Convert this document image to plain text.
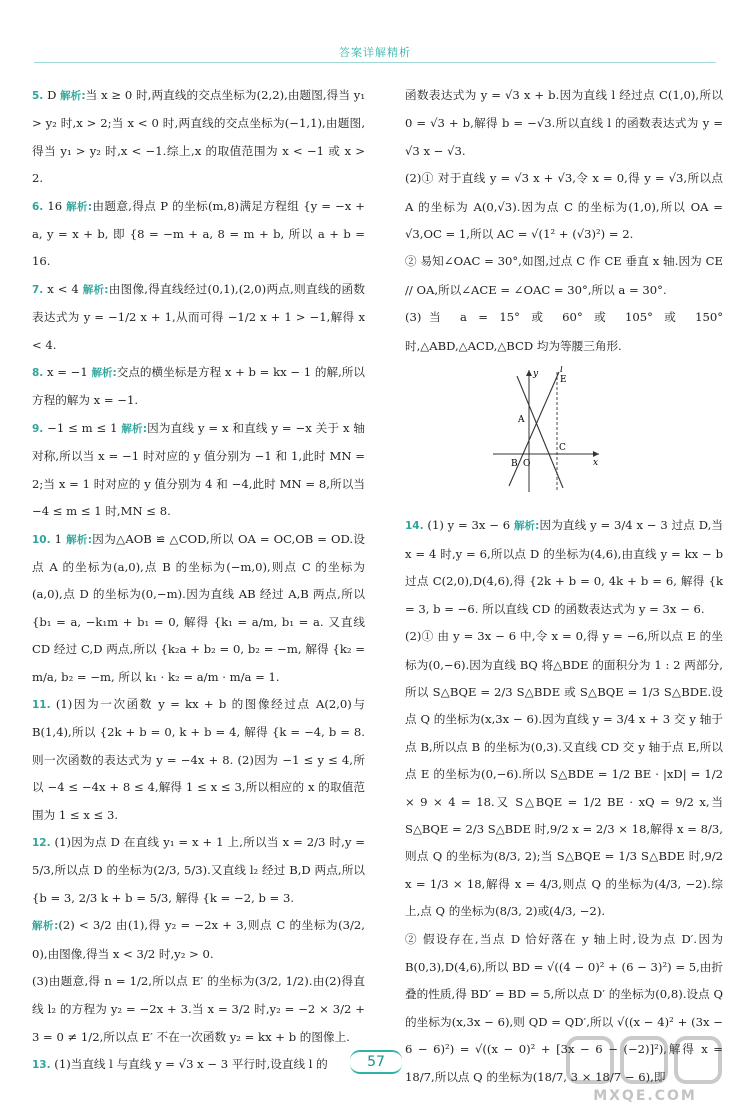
答案详解精析

5. D 解析:当 x ≥ 0 时,两直线的交点坐标为(2,2),由题图,得当 y₁ > y₂ 时,x > 2;当 x < 0 时,两直线的交点坐标为(−1,1),由题图,得当 y₁ > y₂ 时,x < −1.综上,x 的取值范围为 x < −1 或 x > 2.

6. 16 解析:由题意,得点 P 的坐标(m,8)满足方程组 {y = −x + a, y = x + b, 即 {8 = −m + a, 8 = m + b, 所以 a + b = 16.

7. x < 4 解析:由图像,得直线经过(0,1),(2,0)两点,则直线的函数表达式为 y = −1/2 x + 1,从而可得 −1/2 x + 1 > −1,解得 x < 4.

8. x = −1 解析:交点的横坐标是方程 x + b = kx − 1 的解,所以方程的解为 x = −1.

9. −1 ≤ m ≤ 1 解析:因为直线 y = x 和直线 y = −x 关于 x 轴对称,所以当 x = −1 时对应的 y 值分别为 −1 和 1,此时 MN = 2;当 x = 1 时对应的 y 值分别为 4 和 −4,此时 MN = 8,所以当 −4 ≤ m ≤ 1 时,MN ≤ 8.

10. 1 解析:因为△AOB ≌ △COD,所以 OA = OC,OB = OD.设点 A 的坐标为(a,0),点 B 的坐标为(−m,0),则点 C 的坐标为(a,0),点 D 的坐标为(0,−m).因为直线 AB 经过 A,B 两点,所以 {b₁ = a, −k₁m + b₁ = 0, 解得 {k₁ = a/m, b₁ = a. 又直线 CD 经过 C,D 两点,所以 {k₂a + b₂ = 0, b₂ = −m, 解得 {k₂ = m/a, b₂ = −m, 所以 k₁ · k₂ = a/m · m/a = 1.

11. (1)因为一次函数 y = kx + b 的图像经过点 A(2,0)与 B(1,4),所以 {2k + b = 0, k + b = 4, 解得 {k = −4, b = 8. 则一次函数的表达式为 y = −4x + 8. (2)因为 −1 ≤ y ≤ 4,所以 −4 ≤ −4x + 8 ≤ 4,解得 1 ≤ x ≤ 3,所以相应的 x 的取值范围为 1 ≤ x ≤ 3.

12. (1)因为点 D 在直线 y₁ = x + 1 上,所以当 x = 2/3 时,y = 5/3,所以点 D 的坐标为(2/3, 5/3).又直线 l₂ 经过 B,D 两点,所以 {b = 3, 2/3 k + b = 5/3, 解得 {k = −2, b = 3.

解析:(2) < 3/2 由(1),得 y₂ = −2x + 3,则点 C 的坐标为(3/2, 0),由图像,得当 x < 3/2 时,y₂ > 0.

(3)由题意,得 n = 1/2,所以点 E′ 的坐标为(3/2, 1/2).由(2)得直线 l₂ 的方程为 y₂ = −2x + 3.当 x = 3/2 时,y₂ = −2 × 3/2 + 3 = 0 ≠ 1/2,所以点 E′ 不在一次函数 y₂ = kx + b 的图像上.

13. (1)当直线 l 与直线 y = √3 x − 3 平行时,设直线 l 的

函数表达式为 y = √3 x + b.因为直线 l 经过点 C(1,0),所以 0 = √3 + b,解得 b = −√3.所以直线 l 的函数表达式为 y = √3 x − √3.

(2)① 对于直线 y = √3 x + √3,令 x = 0,得 y = √3,所以点 A 的坐标为 A(0,√3).因为点 C 的坐标为(1,0),所以 OA = √3,OC = 1,所以 AC = √(1² + (√3)²) = 2.

② 易知∠OAC = 30°,如图,过点 C 作 CE 垂直 x 轴.因为 CE // OA,所以∠ACE = ∠OAC = 30°,所以 a = 30°.

(3)当 a = 15° 或 60° 或 105° 或 150° 时,△ABD,△ACD,△BCD 均为等腰三角形.

y
E
l
A
B O
C
x

14. (1) y = 3x − 6 解析:因为直线 y = 3/4 x − 3 过点 D,当 x = 4 时,y = 6,所以点 D 的坐标为(4,6),由直线 y = kx − b 过点 C(2,0),D(4,6),得 {2k + b = 0, 4k + b = 6, 解得 {k = 3, b = −6. 所以直线 CD 的函数表达式为 y = 3x − 6.

(2)① 由 y = 3x − 6 中,令 x = 0,得 y = −6,所以点 E 的坐标为(0,−6).因为直线 BQ 将△BDE 的面积分为 1 : 2 两部分,所以 S△BQE = 2/3 S△BDE 或 S△BQE = 1/3 S△BDE.设点 Q 的坐标为(x,3x − 6).因为直线 y = 3/4 x + 3 交 y 轴于点 B,所以点 B 的坐标为(0,3).又直线 CD 交 y 轴于点 E,所以点 E 的坐标为(0,−6).所以 S△BDE = 1/2 BE · |xD| = 1/2 × 9 × 4 = 18.又 S△BQE = 1/2 BE · xQ = 9/2 x,当 S△BQE = 2/3 S△BDE 时,9/2 x = 2/3 × 18,解得 x = 8/3,则点 Q 的坐标为(8/3, 2);当 S△BQE = 1/3 S△BDE 时,9/2 x = 1/3 × 18,解得 x = 4/3,则点 Q 的坐标为(4/3, −2).综上,点 Q 的坐标为(8/3, 2)或(4/3, −2).

② 假设存在,当点 D 恰好落在 y 轴上时,设为点 D′.因为 B(0,3),D(4,6),所以 BD = √((4 − 0)² + (6 − 3)²) = 5,由折叠的性质,得 BD′ = BD = 5,所以点 D′ 的坐标为(0,8).设点 Q 的坐标为(x,3x − 6),则 QD = QD′,所以 √((x − 4)² + (3x − 6 − 6)²) = √((x − 0)² + [3x − 6 − (−2)]²),解得 x = 18/7,所以点 Q 的坐标为(18/7, 3 × 18/7 − 6),即

57
MXQE.COM
